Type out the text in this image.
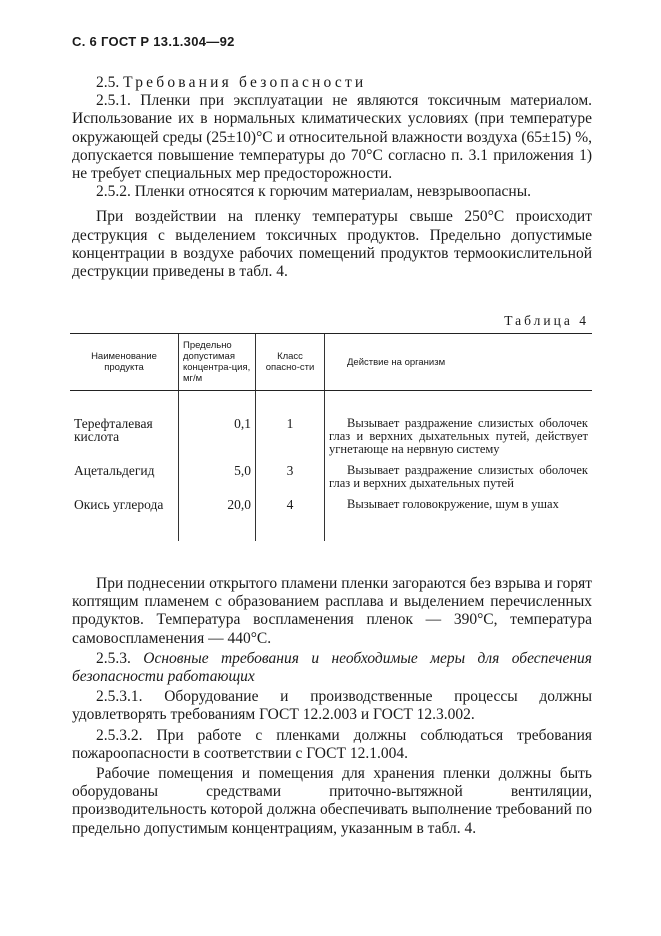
С. 6 ГОСТ Р 13.1.304—92

2.5. Требования безопасности

2.5.1. Пленки при эксплуатации не являются токсичным материалом. Использование их в нормальных климатических условиях (при температуре окружающей среды (25±10)°С и относительной влажности воздуха (65±15) %, допускается повышение температуры до 70°С согласно п. 3.1 приложения 1) не требует специальных мер предосторожности.

2.5.2. Пленки относятся к горючим материалам, невзрывоопасны.

При воздействии на пленку температуры свыше 250°С происходит деструкция с выделением токсичных продуктов. Предельно допустимые концентрации в воздухе рабочих помещений продуктов термоокислительной деструкции приведены в табл. 4.

Таблица 4
Наименование продукта	Предельно допустимая концентра-ция, мг/м	Класс опасно-сти	Действие на организм
Терефталевая кислота	0,1	1	Вызывает раздражение слизистых оболочек глаз и верхних дыхательных путей, действует угнетающе на нервную систему
Ацетальдегид	5,0	3	Вызывает раздражение слизистых оболочек глаз и верхних дыхательных путей
Окись углерода	20,0	4	Вызывает головокружение, шум в ушах

При поднесении открытого пламени пленки загораются без взрыва и горят коптящим пламенем с образованием расплава и выделением перечисленных продуктов. Температура воспламенения пленок — 390°С, температура самовоспламенения — 440°С.

2.5.3. Основные требования и необходимые меры для обеспечения безопасности работающих

2.5.3.1. Оборудование и производственные процессы должны удовлетворять требованиям ГОСТ 12.2.003 и ГОСТ 12.3.002.

2.5.3.2. При работе с пленками должны соблюдаться требования пожароопасности в соответствии с ГОСТ 12.1.004.

Рабочие помещения и помещения для хранения пленки должны быть оборудованы средствами приточно-вытяжной вентиляции, производительность которой должна обеспечивать выполнение требований по предельно допустимым концентрациям, указанным в табл. 4.
